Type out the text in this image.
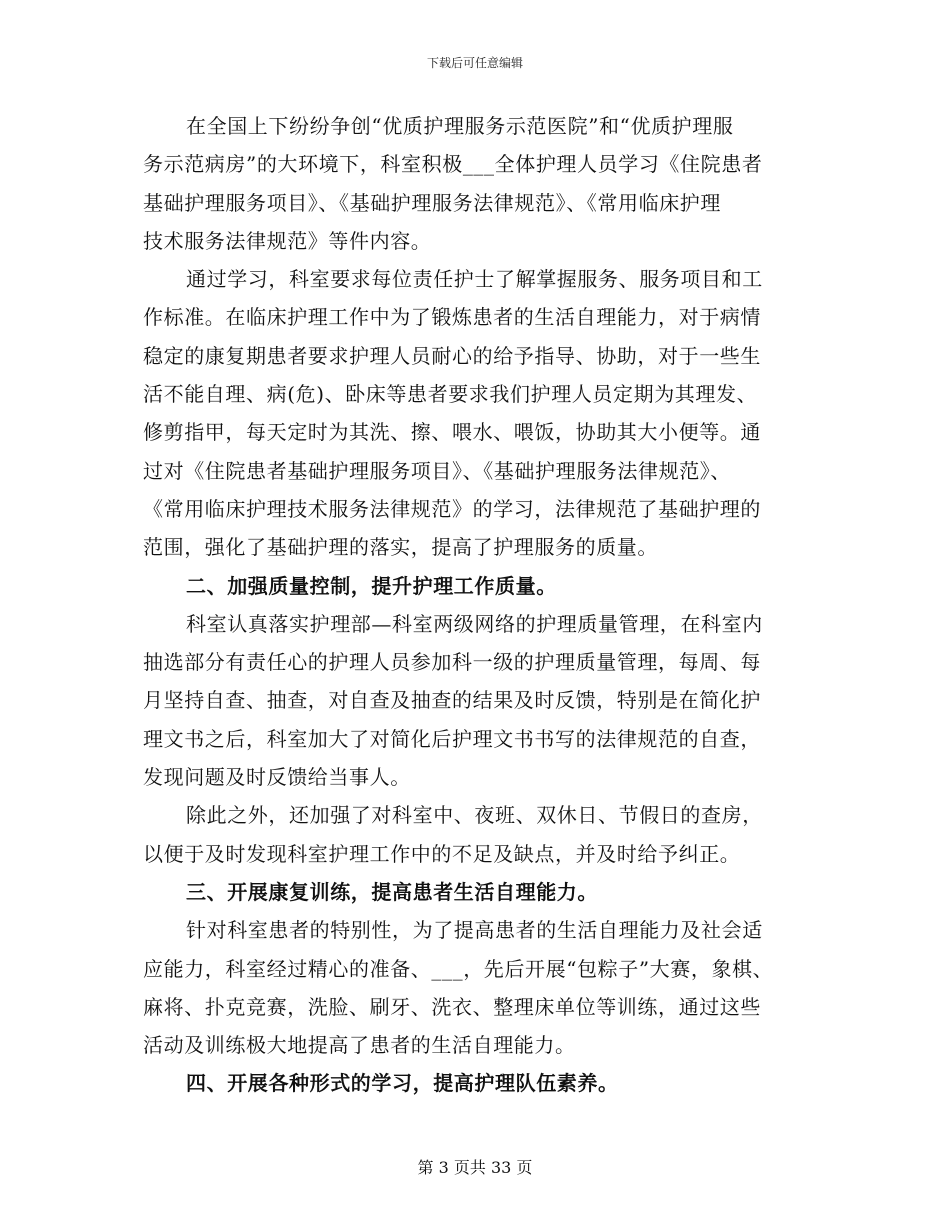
下载后可任意编辑
在全国上下纷纷争创“优质护理服务示范医院”和“优质护理服
务示范病房”的大环境下，科室积极___全体护理人员学习《住院患者
基础护理服务项目》、《基础护理服务法律规范》、《常用临床护理
技术服务法律规范》等件内容。
通过学习，科室要求每位责任护士了解掌握服务、服务项目和工
作标准。在临床护理工作中为了锻炼患者的生活自理能力，对于病情
稳定的康复期患者要求护理人员耐心的给予指导、协助，对于一些生
活不能自理、病(危)、卧床等患者要求我们护理人员定期为其理发、
修剪指甲，每天定时为其洗、擦、喂水、喂饭，协助其大小便等。通
过对《住院患者基础护理服务项目》、《基础护理服务法律规范》、
《常用临床护理技术服务法律规范》的学习，法律规范了基础护理的
范围，强化了基础护理的落实，提高了护理服务的质量。
二、加强质量控制，提升护理工作质量。
科室认真落实护理部—科室两级网络的护理质量管理，在科室内
抽选部分有责任心的护理人员参加科一级的护理质量管理，每周、每
月坚持自查、抽查，对自查及抽查的结果及时反馈，特别是在简化护
理文书之后，科室加大了对简化后护理文书书写的法律规范的自查，
发现问题及时反馈给当事人。
除此之外，还加强了对科室中、夜班、双休日、节假日的查房，
以便于及时发现科室护理工作中的不足及缺点，并及时给予纠正。
三、开展康复训练，提高患者生活自理能力。
针对科室患者的特别性，为了提高患者的生活自理能力及社会适
应能力，科室经过精心的准备、___，先后开展“包粽子”大赛，象棋、
麻将、扑克竞赛，洗脸、刷牙、洗衣、整理床单位等训练，通过这些
活动及训练极大地提高了患者的生活自理能力。
四、开展各种形式的学习，提高护理队伍素养。
第 3 页共 33 页
